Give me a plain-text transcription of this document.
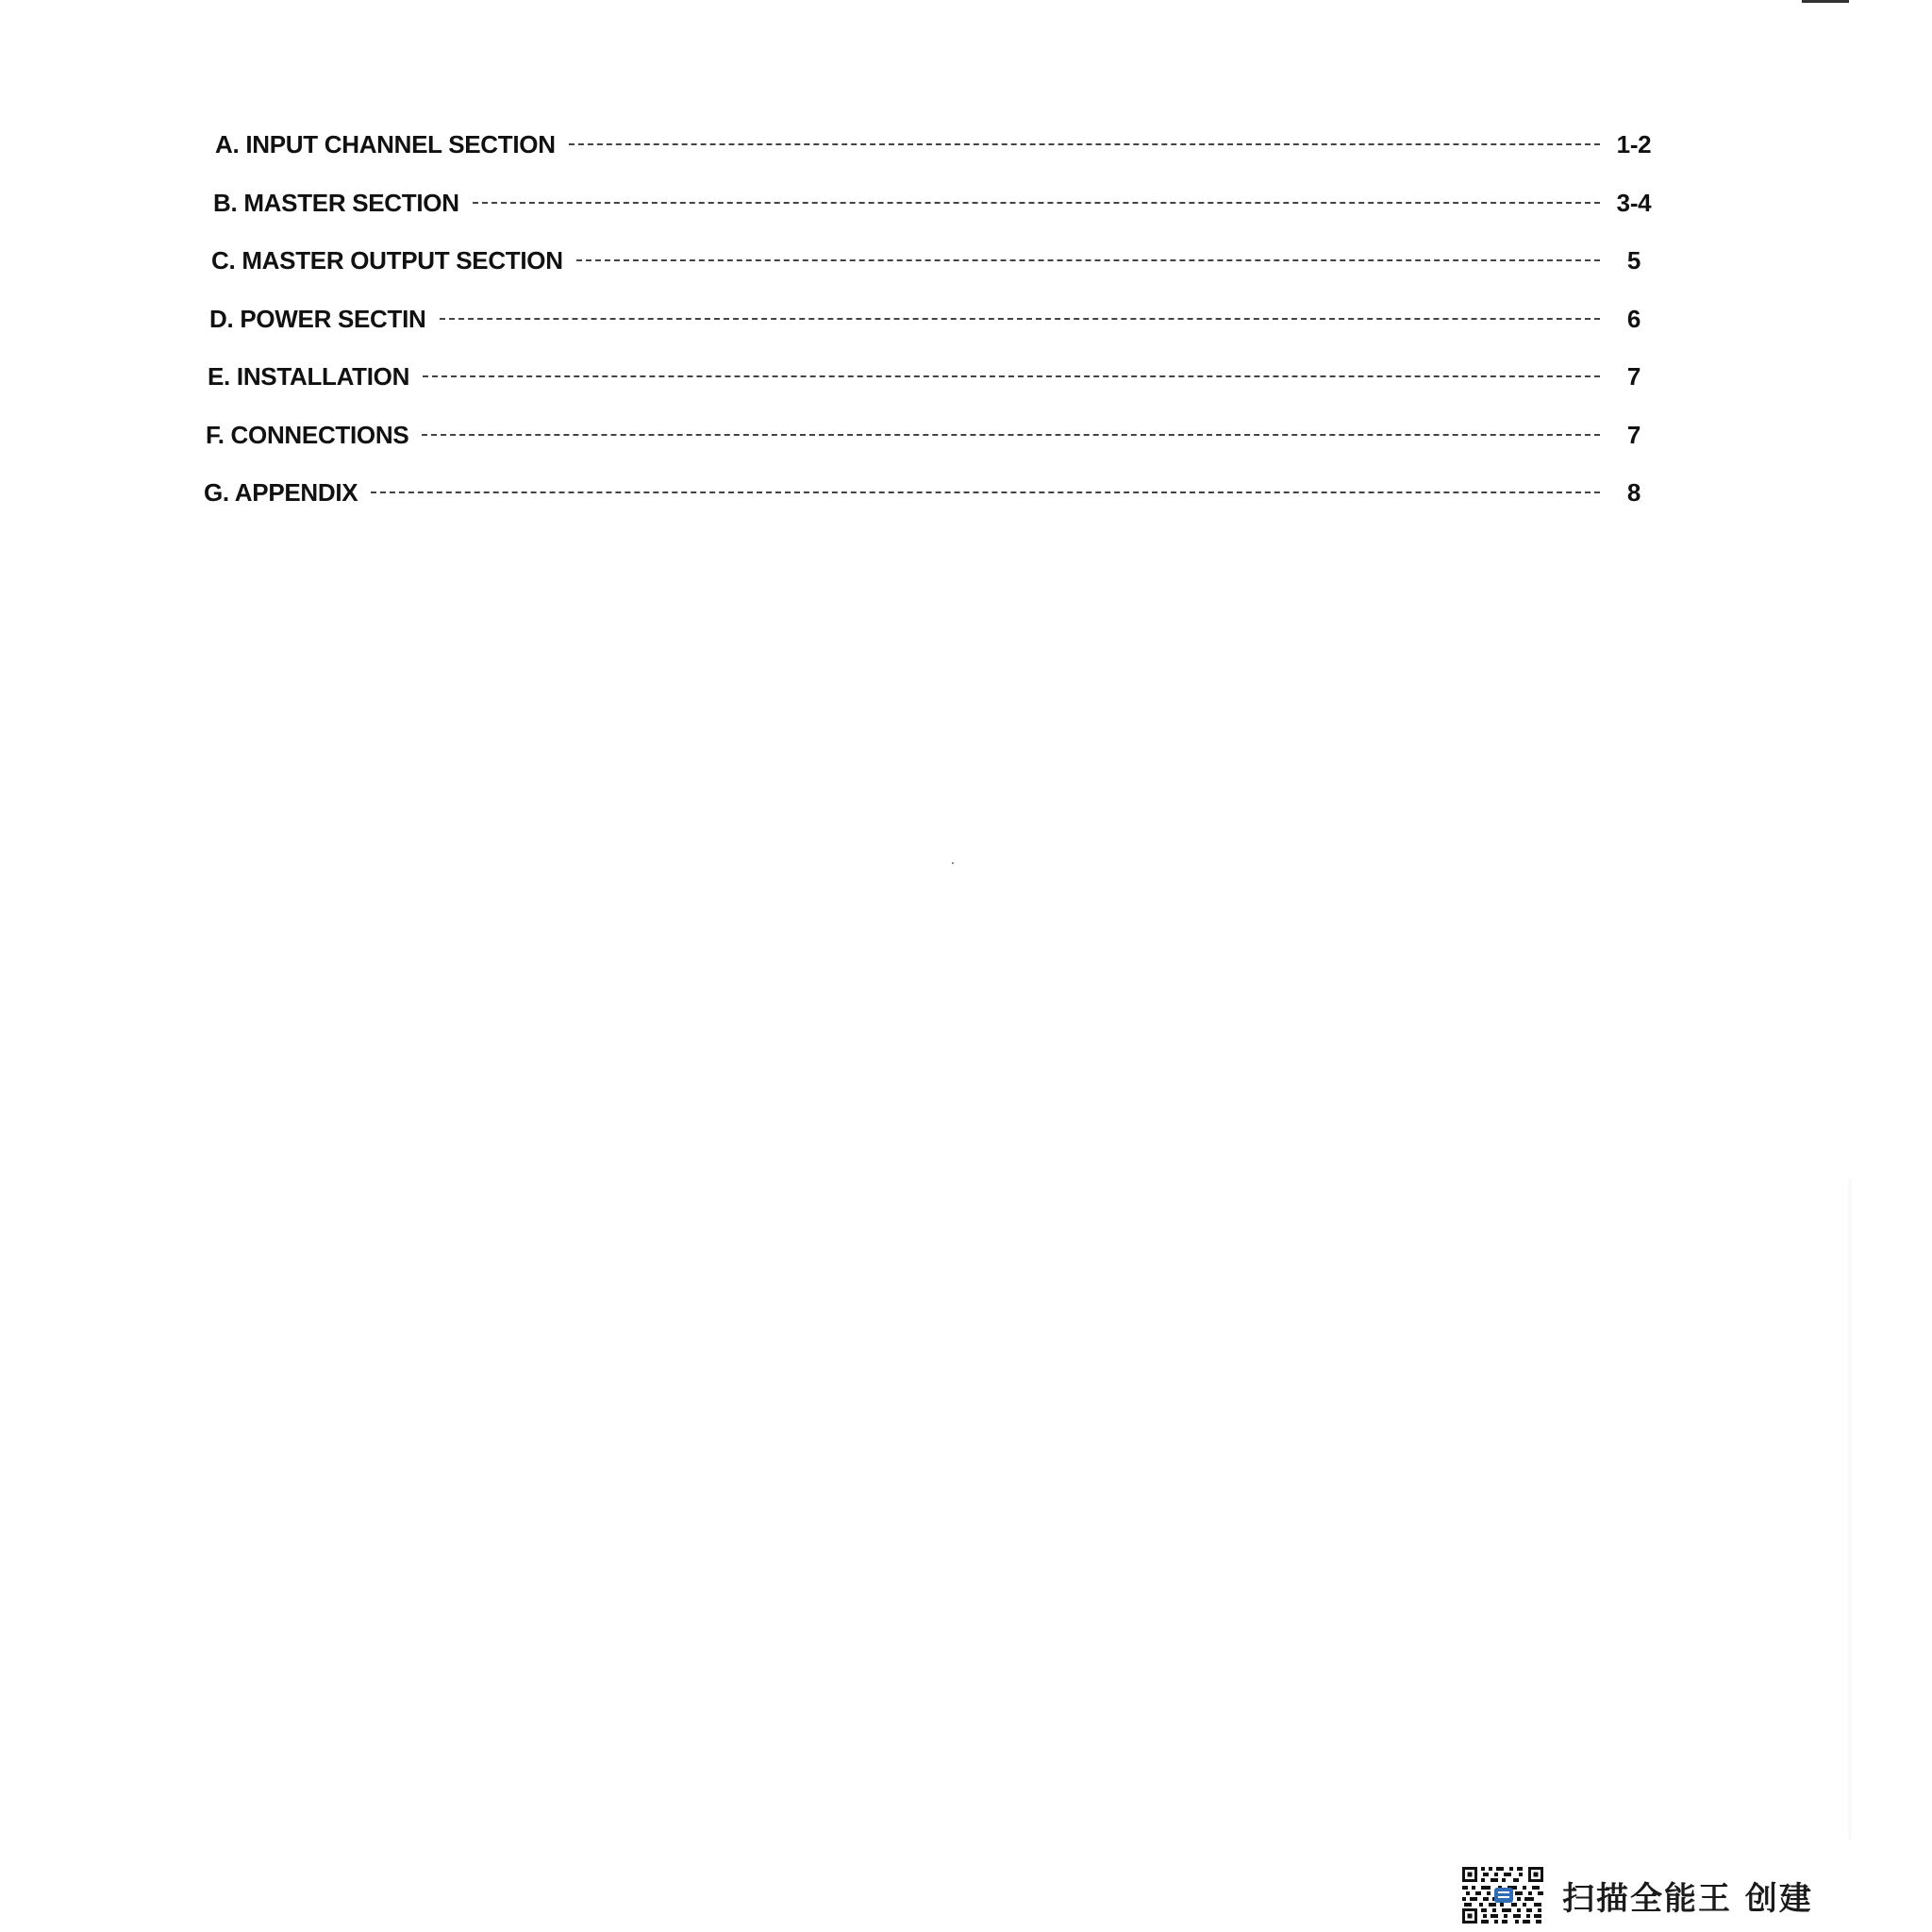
A. INPUT CHANNEL SECTION	1-2
B. MASTER SECTION	3-4
C. MASTER OUTPUT SECTION	5
D. POWER SECTIN	6
E. INSTALLATION	7
F. CONNECTIONS	7
G. APPENDIX	8
扫描全能王 创建
